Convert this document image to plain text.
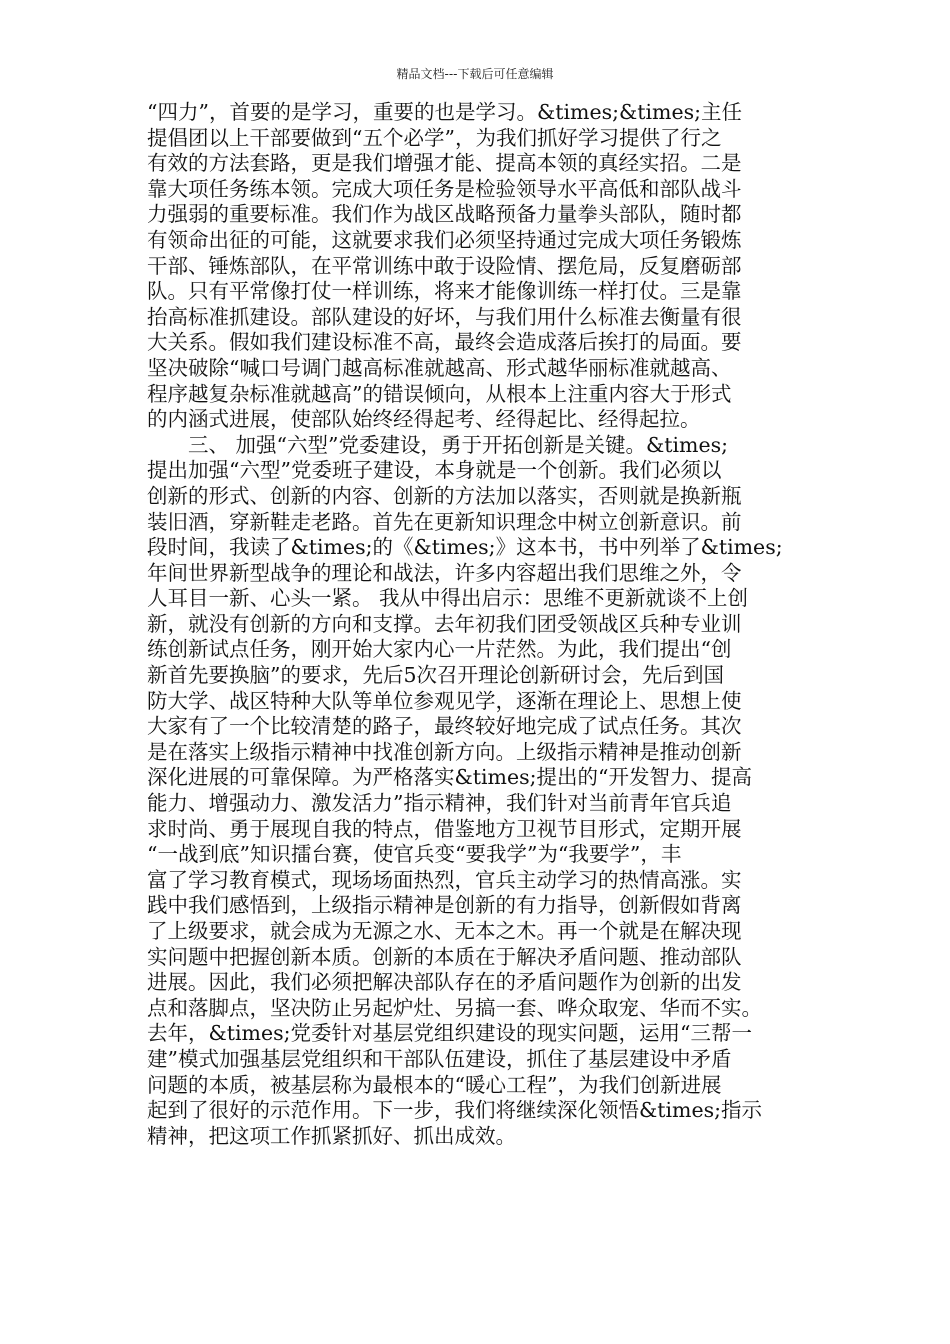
精品文档---下载后可任意编辑
“四力”，首要的是学习，重要的也是学习。&times;&times;主任
提倡团以上干部要做到“五个必学”，为我们抓好学习提供了行之
有效的方法套路，更是我们增强才能、提高本领的真经实招。二是
靠大项任务练本领。完成大项任务是检验领导水平高低和部队战斗
力强弱的重要标准。我们作为战区战略预备力量拳头部队，随时都
有领命出征的可能，这就要求我们必须坚持通过完成大项任务锻炼
干部、锤炼部队，在平常训练中敢于设险情、摆危局，反复磨砺部
队。只有平常像打仗一样训练，将来才能像训练一样打仗。三是靠
抬高标准抓建设。部队建设的好坏，与我们用什么标准去衡量有很
大关系。假如我们建设标准不高，最终会造成落后挨打的局面。要
坚决破除“喊口号调门越高标准就越高、形式越华丽标准就越高、
程序越复杂标准就越高”的错误倾向，从根本上注重内容大于形式
的内涵式进展，使部队始终经得起考、经得起比、经得起拉。
　　三、 加强“六型”党委建设，勇于开拓创新是关键。&times;
提出加强“六型”党委班子建设，本身就是一个创新。我们必须以
创新的形式、创新的内容、创新的方法加以落实，否则就是换新瓶
装旧酒，穿新鞋走老路。首先在更新知识理念中树立创新意识。前
段时间，我读了&times;的《&times;》这本书，书中列举了&times;
年间世界新型战争的理论和战法，许多内容超出我们思维之外，令
人耳目一新、心头一紧。 我从中得出启示：思维不更新就谈不上创
新，就没有创新的方向和支撑。去年初我们团受领战区兵种专业训
练创新试点任务，刚开始大家内心一片茫然。为此，我们提出“创
新首先要换脑”的要求，先后5次召开理论创新研讨会，先后到国
防大学、战区特种大队等单位参观见学，逐渐在理论上、思想上使
大家有了一个比较清楚的路子，最终较好地完成了试点任务。其次
是在落实上级指示精神中找准创新方向。上级指示精神是推动创新
深化进展的可靠保障。为严格落实&times;提出的“开发智力、提高
能力、增强动力、激发活力”指示精神，我们针对当前青年官兵追
求时尚、勇于展现自我的特点，借鉴地方卫视节目形式，定期开展
“一战到底”知识擂台赛，使官兵变“要我学”为“我要学”，丰
富了学习教育模式，现场场面热烈，官兵主动学习的热情高涨。实
践中我们感悟到，上级指示精神是创新的有力指导，创新假如背离
了上级要求，就会成为无源之水、无本之木。再一个就是在解决现
实问题中把握创新本质。创新的本质在于解决矛盾问题、推动部队
进展。因此，我们必须把解决部队存在的矛盾问题作为创新的出发
点和落脚点，坚决防止另起炉灶、另搞一套、哗众取宠、华而不实。
去年，&times;党委针对基层党组织建设的现实问题，运用“三帮一
建”模式加强基层党组织和干部队伍建设，抓住了基层建设中矛盾
问题的本质，被基层称为最根本的“暖心工程”，为我们创新进展
起到了很好的示范作用。下一步，我们将继续深化领悟&times;指示
精神，把这项工作抓紧抓好、抓出成效。
